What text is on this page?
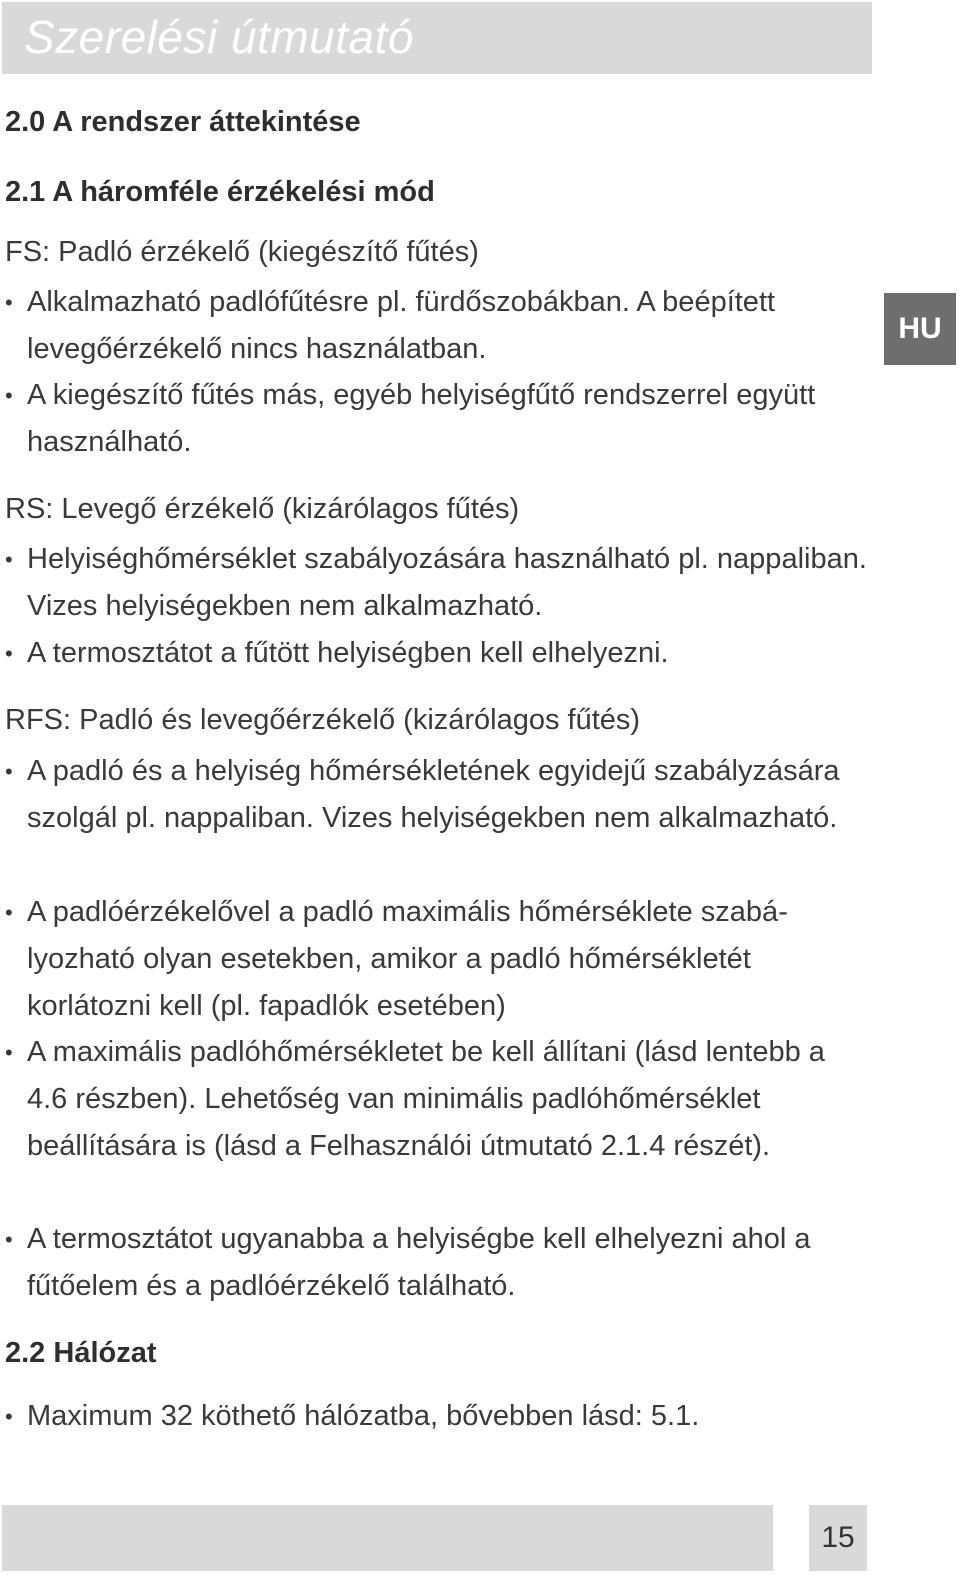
Szerelési útmutató
HU
2.0 A rendszer áttekintése
2.1 A háromféle érzékelési mód
FS: Padló érzékelő (kiegészítő fűtés)
• Alkalmazható padlófűtésre pl. fürdőszobákban. A beépített levegőérzékelő nincs használatban.
• A kiegészítő fűtés más, egyéb helyiségfűtő rendszerrel együtt használható.
RS: Levegő érzékelő (kizárólagos fűtés)
• Helyiséghőmérséklet szabályozására használható pl. nappaliban. Vizes helyiségekben nem alkalmazható.
• A termosztátot a fűtött helyiségben kell elhelyezni.
RFS: Padló és levegőérzékelő (kizárólagos fűtés)
• A padló és a helyiség hőmérsékletének egyidejű szabályzására szolgál pl. nappaliban. Vizes helyiségekben nem alkalmazható.
• A padlóérzékelővel a padló maximális hőmérséklete szabályozható olyan esetekben, amikor a padló hőmérsékletét korlátozni kell (pl. fapadlók esetében)
• A maximális padlóhőmérsékletet be kell állítani (lásd lentebb a 4.6 részben). Lehetőség van minimális padlóhőmérséklet beállítására is (lásd a Felhasználói útmutató 2.1.4 részét).
• A termosztátot ugyanabba a helyiségbe kell elhelyezni ahol a fűtőelem és a padlóérzékelő található.
2.2 Hálózat
• Maximum 32 köthető hálózatba, bővebben lásd: 5.1.
15
